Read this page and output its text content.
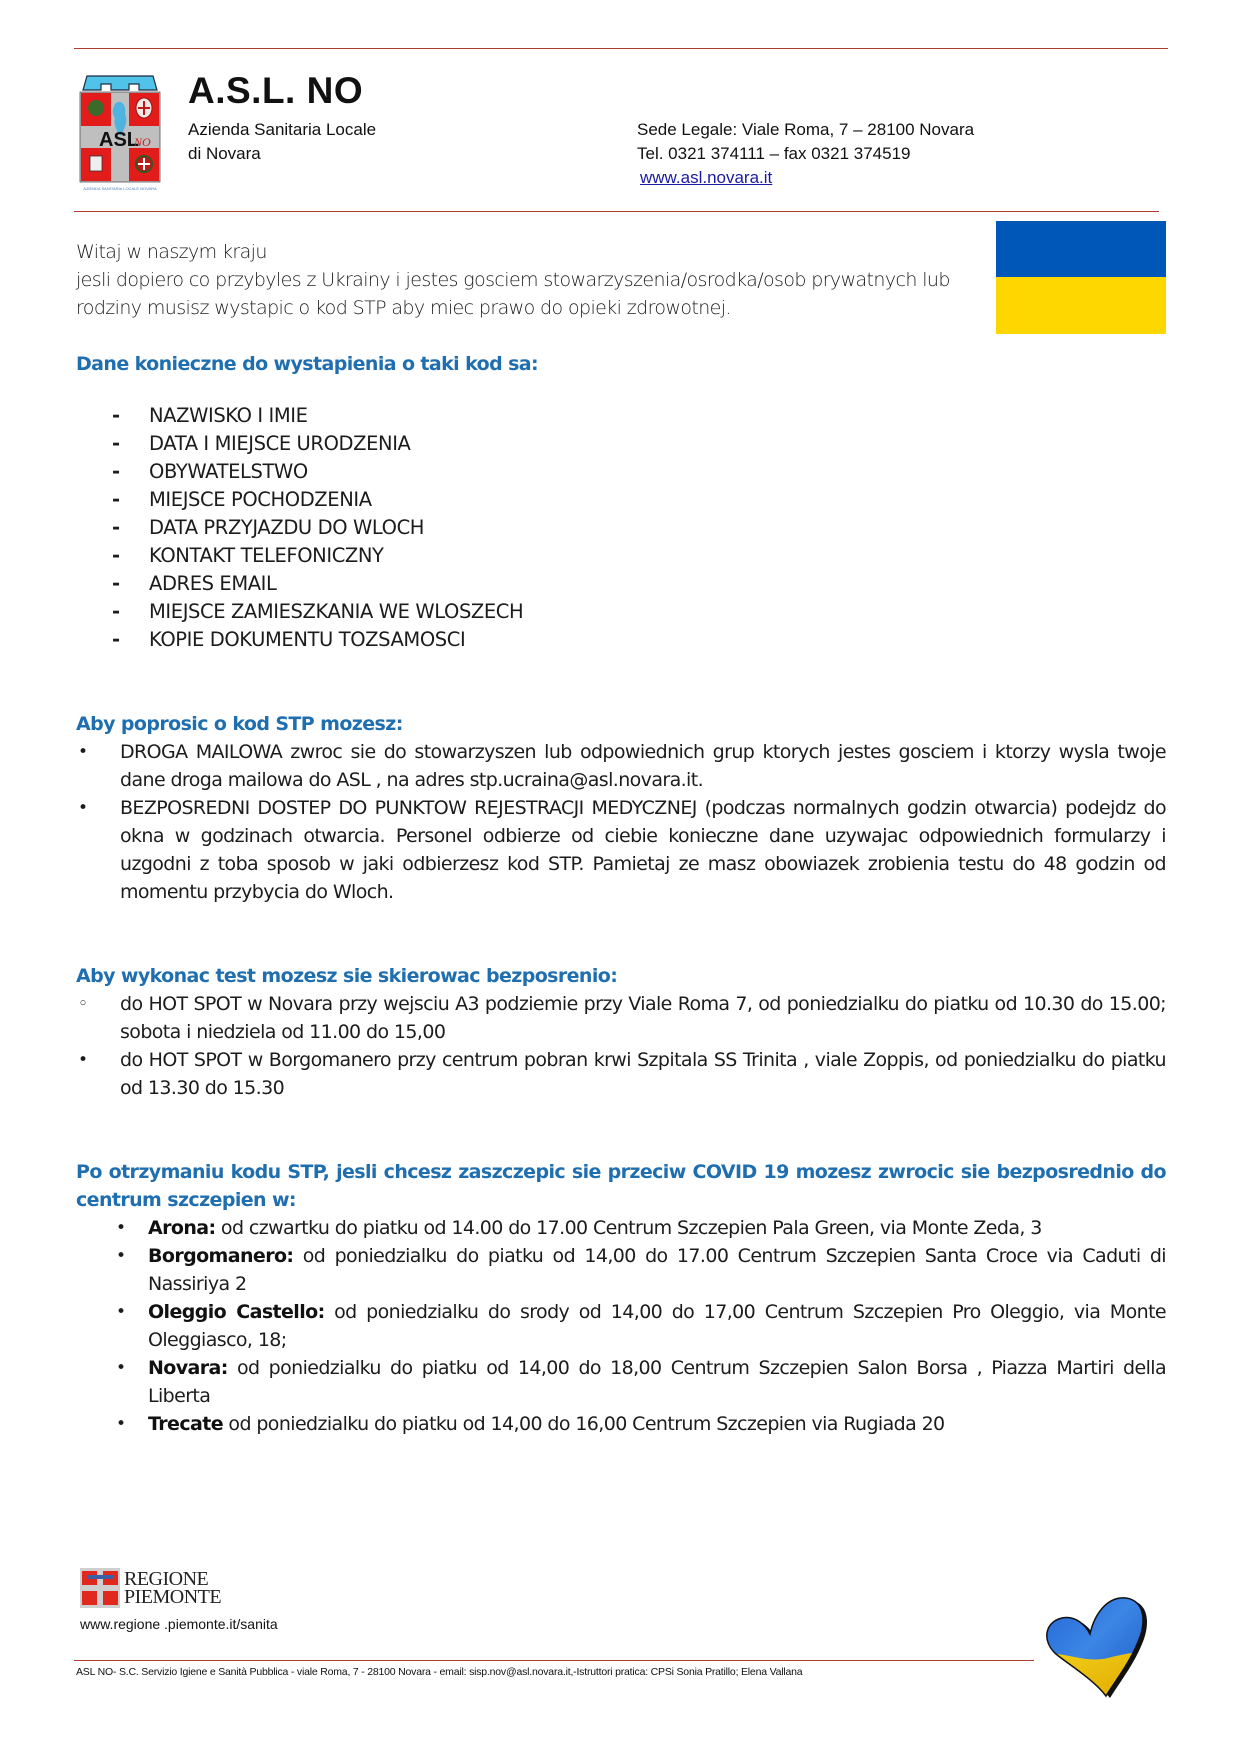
ASL
NO
AZIENDA SANITARIA LOCALE NOVARA
A.S.L. NO
Azienda Sanitaria Locale
di Novara
Sede Legale: Viale Roma, 7 – 28100 Novara
Tel. 0321 374111 – fax 0321 374519
www.asl.novara.it
Witaj w naszym kraju
jesli dopiero co przybyles z Ukrainy i jestes gosciem stowarzyszenia/osrodka/osob prywatnych lub rodziny musisz wystapic o kod STP aby miec prawo do opieki zdrowotnej.
Dane konieczne do wystapienia o taki kod sa:
-	NAZWISKO I IMIE
-	DATA I MIEJSCE URODZENIA
-	OBYWATELSTWO
-	MIEJSCE POCHODZENIA
-	DATA PRZYJAZDU DO WLOCH
-	KONTAKT TELEFONICZNY
-	ADRES EMAIL
-	MIEJSCE ZAMIESZKANIA WE WLOSZECH
-	KOPIE DOKUMENTU TOZSAMOSCI
Aby poprosic o kod STP mozesz:
•	DROGA MAILOWA zwroc sie do stowarzyszen lub odpowiednich grup ktorych jestes gosciem i ktorzy wysla twoje dane droga mailowa do ASL , na adres stp.ucraina@asl.novara.it.
•	BEZPOSREDNI DOSTEP DO PUNKTOW REJESTRACJI MEDYCZNEJ (podczas normalnych godzin otwarcia) podejdz do okna w godzinach otwarcia. Personel odbierze od ciebie konieczne dane uzywajac odpowiednich formularzy i uzgodni z toba sposob w jaki odbierzesz kod STP. Pamietaj ze masz obowiazek zrobienia testu do 48 godzin od momentu przybycia do Wloch.
Aby wykonac test mozesz sie skierowac bezposrenio:
◦	do HOT SPOT w Novara przy wejsciu A3 podziemie przy Viale Roma 7, od poniedzialku do piatku od 10.30 do 15.00; sobota i niedziela od 11.00 do 15,00
•	do HOT SPOT w Borgomanero przy centrum pobran krwi Szpitala SS Trinita , viale Zoppis, od poniedzialku do piatku od 13.30 do 15.30
Po otrzymaniu kodu STP, jesli chcesz zaszczepic sie przeciw COVID 19 mozesz zwrocic sie bezposrednio do centrum szczepien w:
•	Arona: od czwartku do piatku od 14.00 do 17.00 Centrum Szczepien Pala Green, via Monte Zeda, 3
•	Borgomanero: od poniedzialku do piatku od 14,00 do 17.00 Centrum Szczepien Santa Croce via Caduti di Nassiriya 2
•	Oleggio Castello: od poniedzialku do srody od 14,00 do 17,00 Centrum Szczepien Pro Oleggio, via Monte Oleggiasco, 18;
•	Novara: od poniedzialku do piatku od 14,00 do 18,00 Centrum Szczepien Salon Borsa , Piazza Martiri della Liberta
•	Trecate od poniedzialku do piatku od 14,00 do 16,00 Centrum Szczepien via Rugiada 20
REGIONE
PIEMONTE
www.regione .piemonte.it/sanita
ASL NO- S.C. Servizio Igiene e Sanità Pubblica - viale Roma, 7 - 28100 Novara - email: sisp.nov@asl.novara.it,-Istruttori pratica: CPSi Sonia Pratillo; Elena Vallana
